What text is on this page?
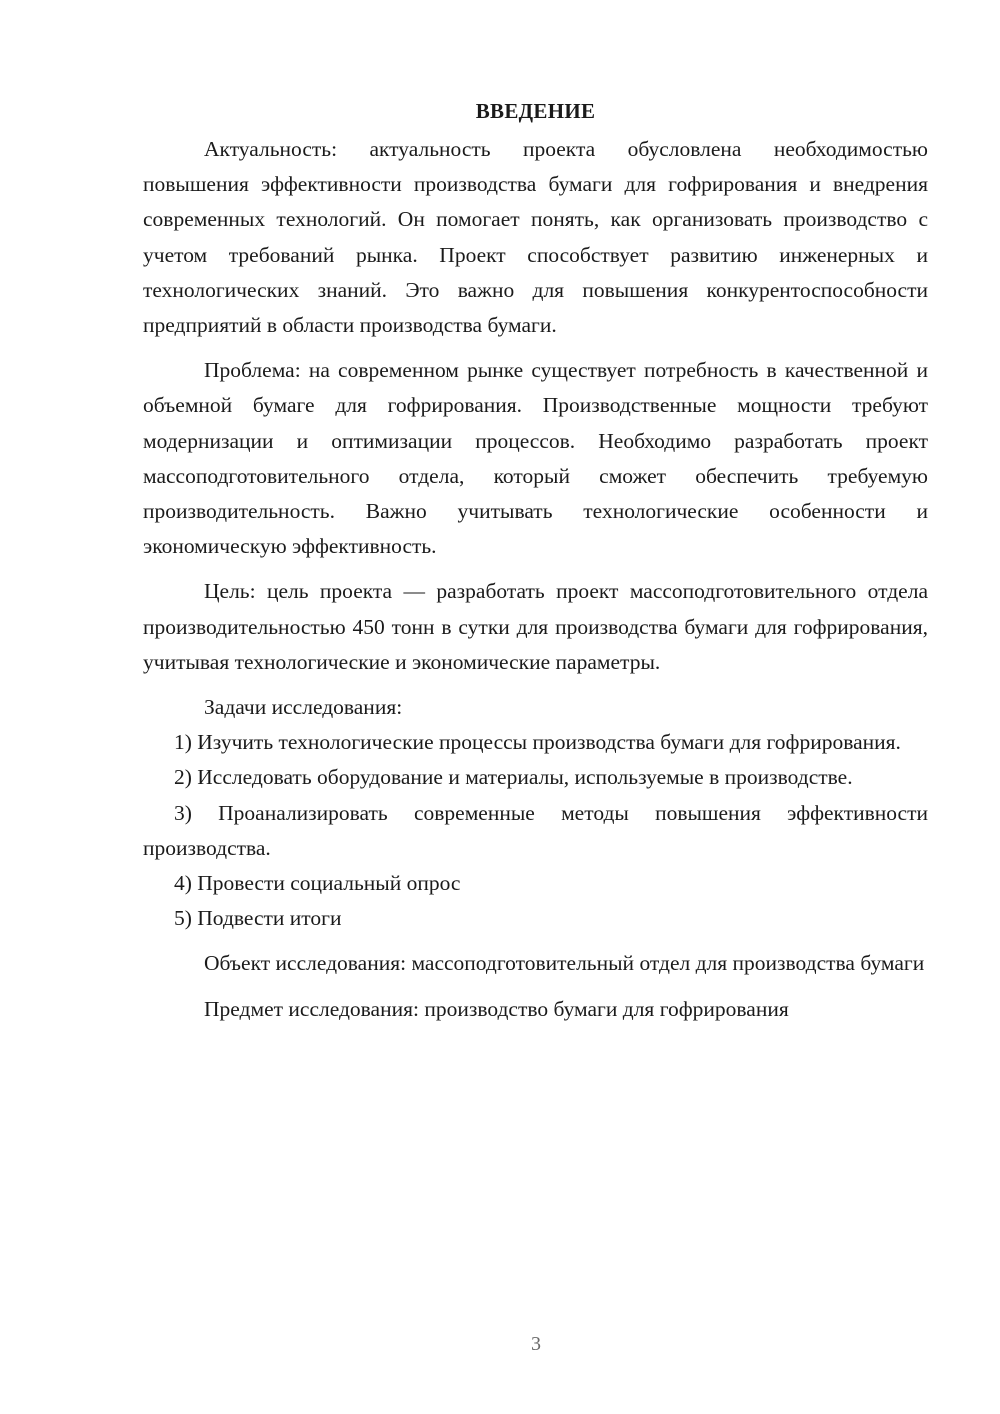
ВВЕДЕНИЕ

Актуальность: актуальность проекта обусловлена необходимостью повышения эффективности производства бумаги для гофрирования и внедрения современных технологий. Он помогает понять, как организовать производство с учетом требований рынка. Проект способствует развитию инженерных и технологических знаний. Это важно для повышения конкурентоспособности предприятий в области производства бумаги.

Проблема: на современном рынке существует потребность в качественной и объемной бумаге для гофрирования. Производственные мощности требуют модернизации и оптимизации процессов. Необходимо разработать проект массоподготовительного отдела, который сможет обеспечить требуемую производительность. Важно учитывать технологические особенности и экономическую эффективность.

Цель: цель проекта — разработать проект массоподготовительного отдела производительностью 450 тонн в сутки для производства бумаги для гофрирования, учитывая технологические и экономические параметры.

Задачи исследования:

1) Изучить технологические процессы производства бумаги для гофрирования.

2) Исследовать оборудование и материалы, используемые в производстве.

3) Проанализировать современные методы повышения эффективности производства.

4) Провести социальный опрос

5) Подвести итоги

Объект исследования: массоподготовительный отдел для производства бумаги

Предмет исследования: производство бумаги для гофрирования

3
